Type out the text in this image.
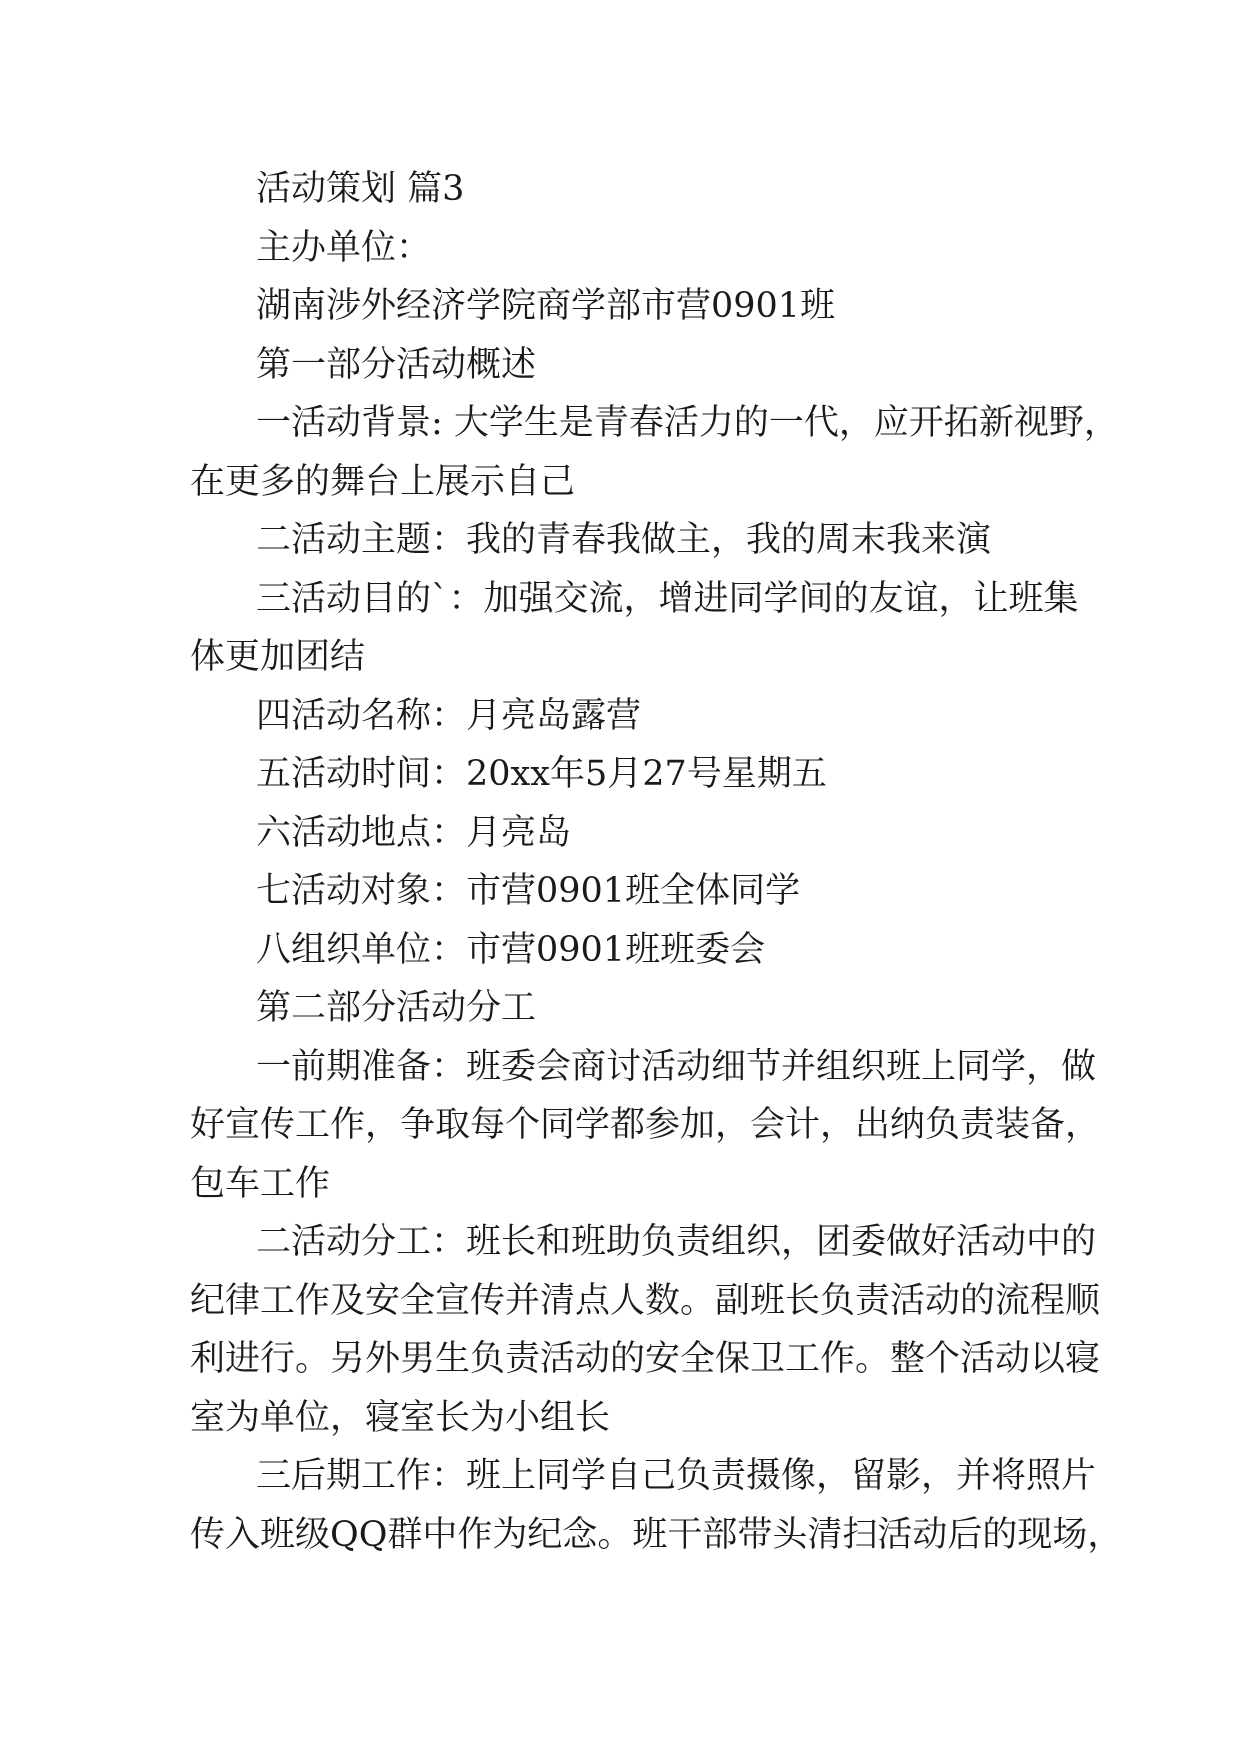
活动策划 篇3
主办单位：
湖南涉外经济学院商学部市营0901班
第一部分活动概述
一活动背景: 大学生是青春活力的一代，应开拓新视野，
在更多的舞台上展示自己
二活动主题：我的青春我做主，我的周末我来演
三活动目的`：加强交流，增进同学间的友谊，让班集
体更加团结
四活动名称：月亮岛露营
五活动时间：20xx年5月27号星期五
六活动地点：月亮岛
七活动对象：市营0901班全体同学
八组织单位：市营0901班班委会
第二部分活动分工
一前期准备：班委会商讨活动细节并组织班上同学，做
好宣传工作，争取每个同学都参加，会计，出纳负责装备，
包车工作
二活动分工：班长和班助负责组织，团委做好活动中的
纪律工作及安全宣传并清点人数。副班长负责活动的流程顺
利进行。另外男生负责活动的安全保卫工作。整个活动以寝
室为单位，寝室长为小组长
三后期工作：班上同学自己负责摄像，留影，并将照片
传入班级QQ群中作为纪念。班干部带头清扫活动后的现场，
